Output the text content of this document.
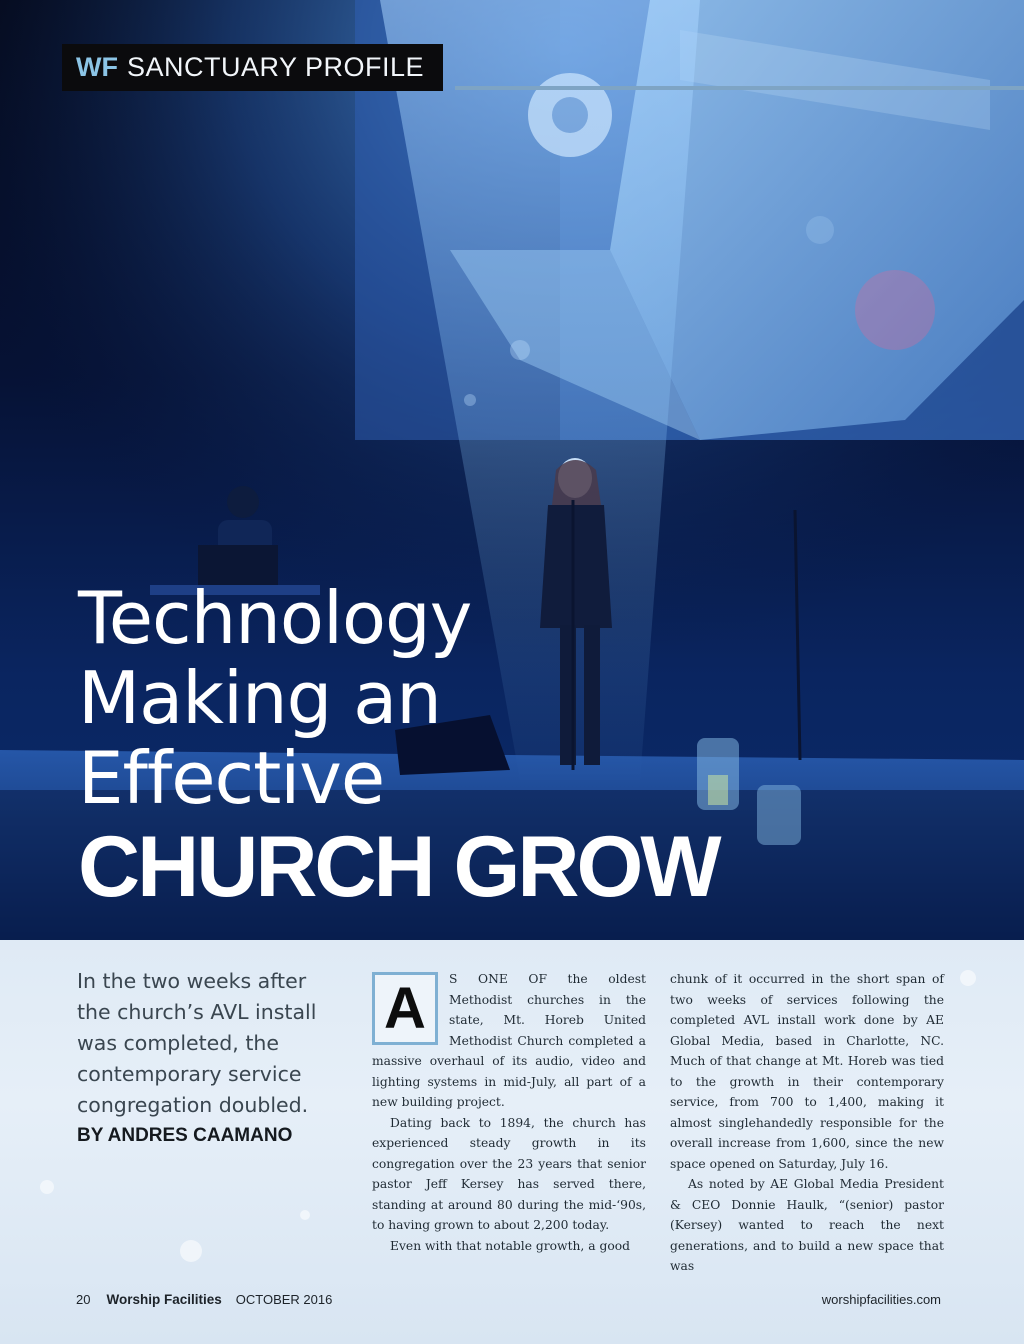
WF SANCTUARY PROFILE
Technology
Making an
Effective
CHURCH GROW
In the two weeks after the church’s AVL install was completed, the contemporary service congregation doubled.
BY ANDRES CAAMANO
A	S ONE OF the oldest Methodist churches in the state, Mt. Horeb United Methodist Church completed a massive overhaul of its audio, video and lighting systems in mid-July, all part of a new building project.

Dating back to 1894, the church has experienced steady growth in its congregation over the 23 years that senior pastor Jeff Kersey has served there, standing at around 80 during the mid-‘90s, to having grown to about 2,200 today.

Even with that notable growth, a good

chunk of it occurred in the short span of two weeks of services following the completed AVL install work done by AE Global Media, based in Charlotte, NC. Much of that change at Mt. Horeb was tied to the growth in their contemporary service, from 700 to 1,400, making it almost singlehandedly responsible for the overall increase from 1,600, since the new space opened on Saturday, July 16.

As noted by AE Global Media President & CEO Donnie Haulk, “(senior) pastor (Kersey) wanted to reach the next generations, and to build a new space that was

20 Worship Facilities OCTOBER 2016	worshipfacilities.com
